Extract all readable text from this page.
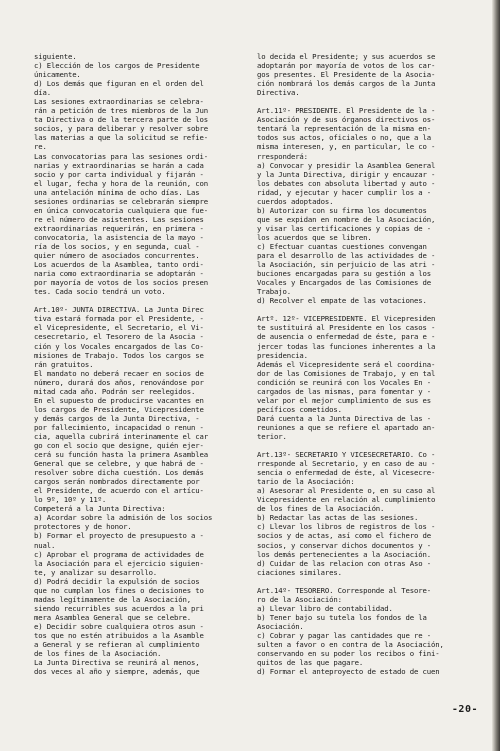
siguiente.
c) Elección de los cargos de Presidente
únicamente.
d) Los demás que figuran en el orden del
día.
Las sesiones extraordinarias se celebra-
rán a petición de tres miembros de la Jun
ta Directiva o de la tercera parte de los
socios, y para deliberar y resolver sobre
las materias a que la solicitud se refie-
re.
Las convocatorias para las sesiones ordi-
narias y extraordinarias se harán a cada
socio y por carta individual y fijarán -
el lugar, fecha y hora de la reunión, con
una antelación mínima de ocho días. Las
sesiones ordinarias se celebrarán siempre
en única convocatoria cualquiera que fue-
re el número de asistentes. Las sesiones
extraordinarias requerirán, en primera -
convocatoria, la asistencia de la mayo -
ría de los socios, y en segunda, cual -
quier número de asociados concurrentes.
Los acuerdos de la Asamblea, tanto ordi-
naria como extraordinaria se adoptarán -
por mayoría de votos de los socios presen
tes. Cada socio tendrá un voto.
Art.10º- JUNTA DIRECTIVA. La Junta Direc
tiva estará formada por el Presidente, -
el Vicepresidente, el Secretario, el Vi-
cesecretario, el Tesorero de la Asocia -
ción y los Vocales encargados de las Co-
misiones de Trabajo. Todos los cargos se
rán gratuitos.
El mandato no deberá recaer en socios de
número, durará dos años, renovándose por
mitad cada año. Podrán ser reelegidos.
En el supuesto de producirse vacantes en
los cargos de Presidente, Vicepresidente
y demás cargos de la Junta Directiva, -
por fallecimiento, incapacidad o renun -
cia, aquella cubrirá interinamente el car
go con el socio que designe, quién ejer-
cerá su función hasta la primera Asamblea
General que se celebre, y que habrá de -
resolver sobre dicha cuestión. Los demás
cargos serán nombrados directamente por
el Presidente, de acuerdo con el artícu-
lo 9º, 10º y 11º.
Competerá a la Junta Directiva:
a) Acordar sobre la admisión de los socios
protectores y de honor.
b) Formar el proyecto de presupuesto a -
nual.
c) Aprobar el programa de actividades de
la Asociación para el ejercicio siguien-
te, y analizar su desarrollo.
d) Podrá decidir la expulsión de socios
que no cumplan los fines o decisiones to
madas legítimamente de la Asociación,
siendo recurribles sus acuerdos a la pri
mera Asamblea General que se celebre.
e) Decidir sobre cualquiera otros asun -
tos que no estén atribuidos a la Asamble
a General y se refieran al cumplimiento
de los fines de la Asociación.
La Junta Directiva se reunirá al menos,
dos veces al año y siempre, además, que
lo decida el Presidente; y sus acuerdos se
adoptarán por mayoría de votos de los car-
gos presentes. El Presidente de la Asocia-
ción nombrará los demás cargos de la Junta
Directiva.
Art.11º- PRESIDENTE. El Presidente de la -
Asociación y de sus órganos directivos os-
tentará la representación de la misma en-
todos sus actos, oficiales o no, que a la
misma interesen, y, en particular, le co -
rresponderá:
a) Convocar y presidir la Asamblea General
y la Junta Directiva, dirigir y encauzar -
los debates con absoluta libertad y auto -
ridad, y ejecutar y hacer cumplir los a -
cuerdos adoptados.
b) Autorizar con su firma los documentos
que se expidan en nombre de la Asociación,
y visar las certificaciones y copias de -
los acuerdos que se libren.
c) Efectuar cuantas cuestiones convengan
para el desarrollo de las actividades de -
la Asociación, sin perjuicio de las atri -
buciones encargadas para su gestión a los
Vocales y Encargados de las Comisiones de
Trabajo.
d) Recolver el empate de las votaciones.
Artº. 12º- VICEPRESIDENTE. El Vicepresiden
te sustituirá al Presidente en los casos -
de ausencia o enfermedad de éste, para e -
jercer todas las funciones inherentes a la
presidencia.
Además el Vicepresidente será el coordina-
dor de las Comisiones de Trabajo, y en tal
condición se reunirá con los Vocales En -
cargados de las mismas, para fomentar y -
velar por el mejor cumplimiento de sus es
pecíficos cometidos.
Dará cuenta a la Junta Directiva de las -
reuniones a que se refiere el apartado an-
terior.
Art.13º- SECRETARIO Y VICESECRETARIO. Co -
rresponde al Secretario, y en caso de au -
sencia o enfermedad de éste, al Vicesecre-
tario de la Asociación:
a) Asesorar al Presidente o, en su caso al
Vicepresidente en relación al cumplimiento
de los fines de la Asociación.
b) Redactar las actas de las sesiones.
c) Llevar los libros de registros de los -
socios y de actas, así como el fichero de
socios, y conservar dichos documentos y -
los demás pertenecientes a la Asociación.
d) Cuidar de las relacion con otras Aso -
ciaciones similares.
Art.14º- TESORERO. Corresponde al Tesore-
ro de la Asociación:
a) Llevar libro de contabilidad.
b) Tener bajo su tutela los fondos de la
Asociación.
c) Cobrar y pagar las cantidades que re -
sulten a favor o en contra de la Asociación,
conservando en su poder los recibos o fini-
quitos de las que pagare.
d) Formar el anteproyecto de estado de cuen
-20-
